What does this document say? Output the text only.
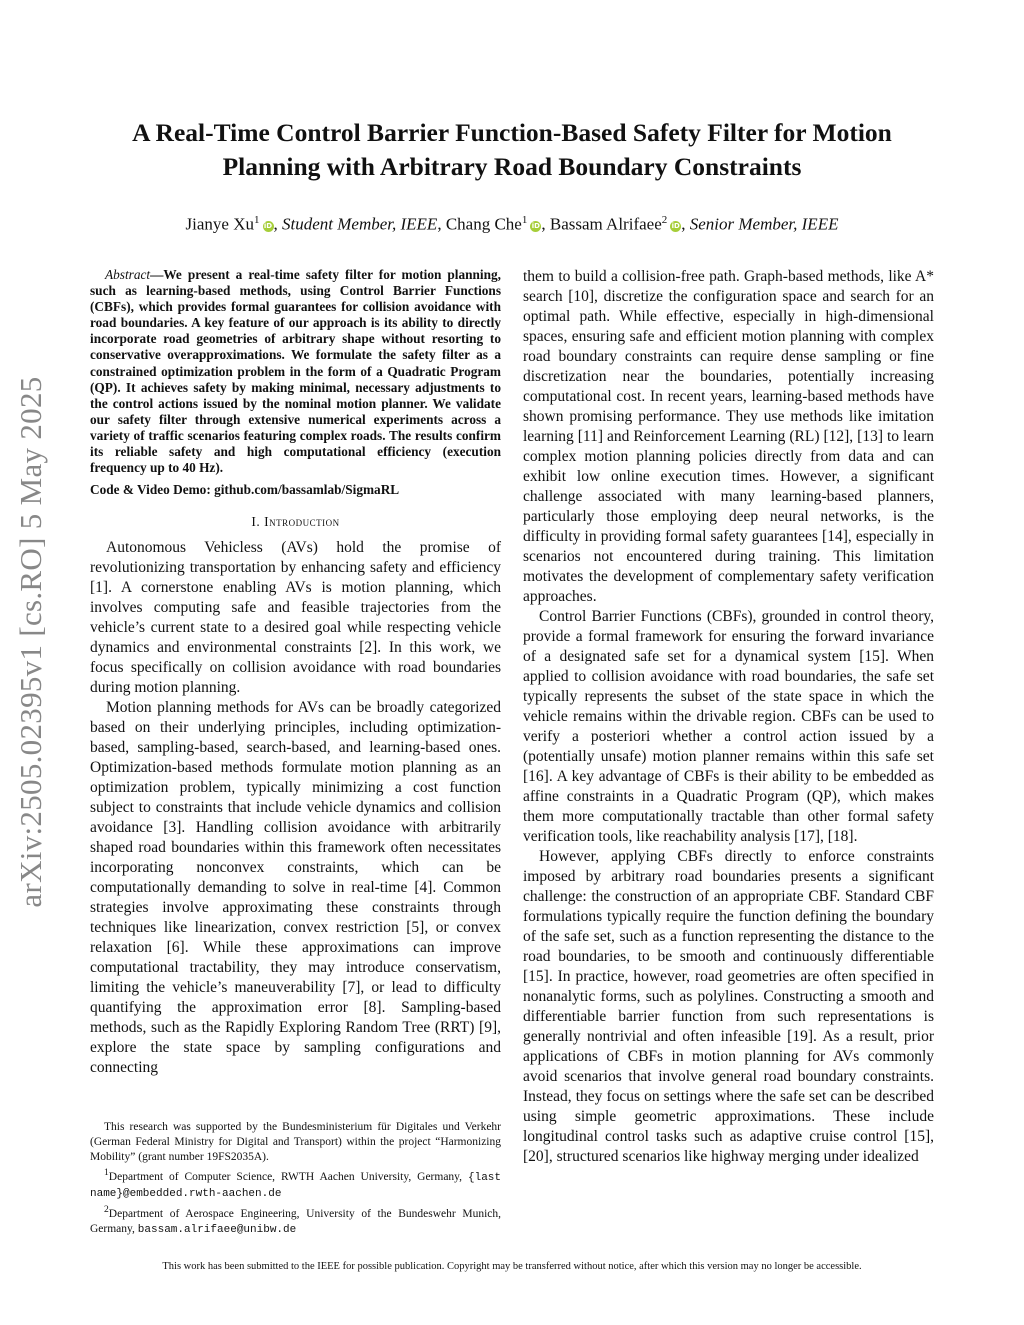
arXiv:2505.02395v1 [cs.RO] 5 May 2025
A Real-Time Control Barrier Function-Based Safety Filter for Motion
Planning with Arbitrary Road Boundary Constraints
Jianye Xu$^1$ iD, Student Member, IEEE, Chang Che$^1$ iD, Bassam Alrifaee$^2$ iD, Senior Member, IEEE

Abstract—We present a real-time safety filter for motion planning, such as learning-based methods, using Control Barrier Functions (CBFs), which provides formal guarantees for collision avoidance with road boundaries. A key feature of our approach is its ability to directly incorporate road geometries of arbitrary shape without resorting to conservative overapproximations. We formulate the safety filter as a constrained optimization problem in the form of a Quadratic Program (QP). It achieves safety by making minimal, necessary adjustments to the control actions issued by the nominal motion planner. We validate our safety filter through extensive numerical experiments across a variety of traffic scenarios featuring complex roads. The results confirm its reliable safety and high computational efficiency (execution frequency up to 40 Hz).

Code & Video Demo: github.com/bassamlab/SigmaRL

I. Introduction

Autonomous Vehicless (AVs) hold the promise of revolutionizing transportation by enhancing safety and efficiency [1]. A cornerstone enabling AVs is motion planning, which involves computing safe and feasible trajectories from the vehicle’s current state to a desired goal while respecting vehicle dynamics and environmental constraints [2]. In this work, we focus specifically on collision avoidance with road boundaries during motion planning.

Motion planning methods for AVs can be broadly categorized based on their underlying principles, including optimization-based, sampling-based, search-based, and learning-based ones. Optimization-based methods formulate motion planning as an optimization problem, typically minimizing a cost function subject to constraints that include vehicle dynamics and collision avoidance [3]. Handling collision avoidance with arbitrarily shaped road boundaries within this framework often necessitates incorporating nonconvex constraints, which can be computationally demanding to solve in real-time [4]. Common strategies involve approximating these constraints through techniques like linearization, convex restriction [5], or convex relaxation [6]. While these approximations can improve computational tractability, they may introduce conservatism, limiting the vehicle’s maneuverability [7], or lead to difficulty quantifying the approximation error [8]. Sampling-based methods, such as the Rapidly Exploring Random Tree (RRT) [9], explore the state space by sampling configurations and connecting

This research was supported by the Bundesministerium für Digitales und Verkehr (German Federal Ministry for Digital and Transport) within the project “Harmonizing Mobility” (grant number 19FS2035A).

$^1$Department of Computer Science, RWTH Aachen University, Germany, {last name}@embedded.rwth-aachen.de

$^2$Department of Aerospace Engineering, University of the Bundeswehr Munich, Germany, bassam.alrifaee@unibw.de

them to build a collision-free path. Graph-based methods, like A* search [10], discretize the configuration space and search for an optimal path. While effective, especially in high-dimensional spaces, ensuring safe and efficient motion planning with complex road boundary constraints can require dense sampling or fine discretization near the boundaries, potentially increasing computational cost. In recent years, learning-based methods have shown promising performance. They use methods like imitation learning [11] and Reinforcement Learning (RL) [12], [13] to learn complex motion planning policies directly from data and can exhibit low online execution times. However, a significant challenge associated with many learning-based planners, particularly those employing deep neural networks, is the difficulty in providing formal safety guarantees [14], especially in scenarios not encountered during training. This limitation motivates the development of complementary safety verification approaches.

Control Barrier Functions (CBFs), grounded in control theory, provide a formal framework for ensuring the forward invariance of a designated safe set for a dynamical system [15]. When applied to collision avoidance with road boundaries, the safe set typically represents the subset of the state space in which the vehicle remains within the drivable region. CBFs can be used to verify a posteriori whether a control action issued by a (potentially unsafe) motion planner remains within this safe set [16]. A key advantage of CBFs is their ability to be embedded as affine constraints in a Quadratic Program (QP), which makes them more computationally tractable than other formal safety verification tools, like reachability analysis [17], [18].

However, applying CBFs directly to enforce constraints imposed by arbitrary road boundaries presents a significant challenge: the construction of an appropriate CBF. Standard CBF formulations typically require the function defining the boundary of the safe set, such as a function representing the distance to the road boundaries, to be smooth and continuously differentiable [15]. In practice, however, road geometries are often specified in nonanalytic forms, such as polylines. Constructing a smooth and differentiable barrier function from such representations is generally nontrivial and often infeasible [19]. As a result, prior applications of CBFs in motion planning for AVs commonly avoid scenarios that involve general road boundary constraints. Instead, they focus on settings where the safe set can be described using simple geometric approximations. These include longitudinal control tasks such as adaptive cruise control [15], [20], structured scenarios like highway merging under idealized

This work has been submitted to the IEEE for possible publication. Copyright may be transferred without notice, after which this version may no longer be accessible.
